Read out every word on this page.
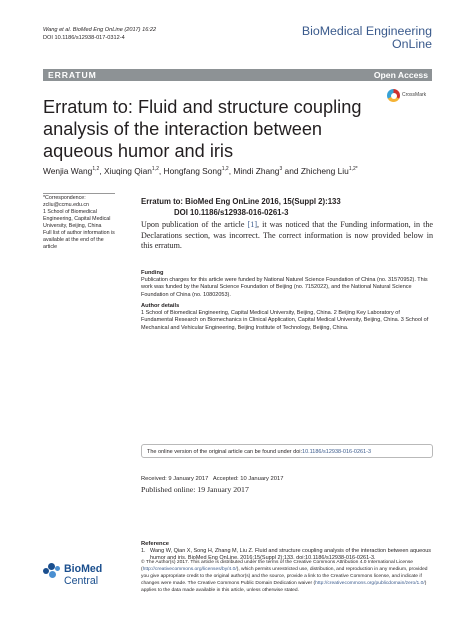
Wang et al. BioMed Eng OnLine (2017) 16:22
DOI 10.1186/s12938-017-0312-4
BioMedical Engineering
OnLine
ERRATUM	Open Access
CrossMark
Erratum to: Fluid and structure coupling analysis of the interaction between aqueous humor and iris
Wenjia Wang$^{1,2}$, Xiuqing Qian$^{1,2}$, Hongfang Song$^{1,2}$, Mindi Zhang$^3$ and Zhicheng Liu$^{1,2*}$
*Correspondence:
zcliu@ccmu.edu.cn
1 School of Biomedical Engineering, Capital Medical University, Beijing, China
Full list of author information is available at the end of the article
Erratum to: BioMed Eng OnLine 2016, 15(Suppl 2):133
DOI 10.1186/s12938-016-0261-3

Upon publication of the article [1], it was noticed that the Funding information, in the Declarations section, was incorrect. The correct information is now provided below in this erratum.

Funding

Publication charges for this article were funded by National Naturel Science Foundation of China (no. 31570952). This work was funded by the Natural Science Foundation of Beijing (no. 7152022), and the National Natural Science Foundation of China (no. 10802053).

Author details

1 School of Biomedical Engineering, Capital Medical University, Beijing, China. 2 Beijing Key Laboratory of Fundamental Research on Biomechanics in Clinical Application, Capital Medical University, Beijing, China. 3 School of Mechanical and Vehicular Engineering, Beijing Institute of Technology, Beijing, China.

The online version of the original article can be found under doi:10.1186/s12938-016-0261-3
Received: 9 January 2017   Accepted: 10 January 2017
Published online: 19 January 2017
Reference
1. Wang W, Qian X, Song H, Zhang M, Liu Z. Fluid and structure coupling analysis of the interaction between aqueous humor and iris. BioMed Eng OnLine. 2016;15(Suppl 2):133. doi:10.1186/s12938-016-0261-3.
BioMed Central

© The Author(s) 2017. This article is distributed under the terms of the Creative Commons Attribution 4.0 International License (http://creativecommons.org/licenses/by/4.0/), which permits unrestricted use, distribution, and reproduction in any medium, provided you give appropriate credit to the original author(s) and the source, provide a link to the Creative Commons license, and indicate if changes were made. The Creative Commons Public Domain Dedication waiver (http://creativecommons.org/publicdomain/zero/1.0/) applies to the data made available in this article, unless otherwise stated.
